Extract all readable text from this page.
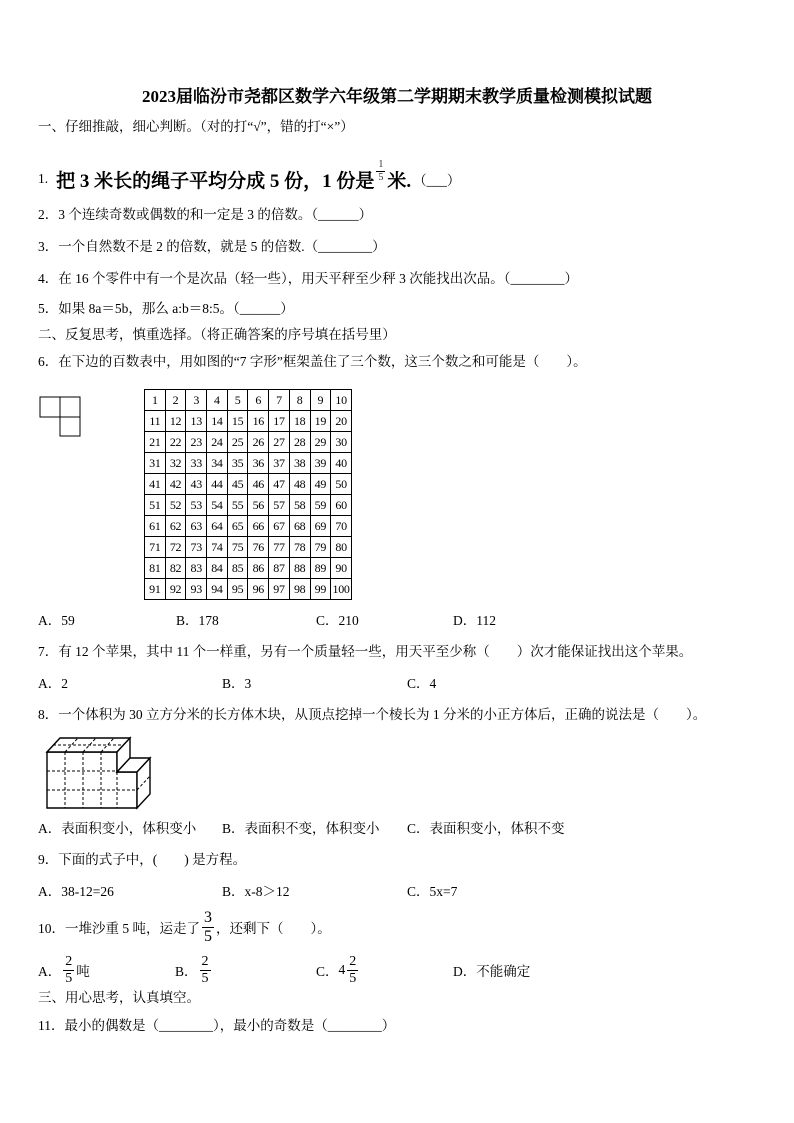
2023届临汾市尧都区数学六年级第二学期期末教学质量检测模拟试题
一、仔细推敲，细心判断。（对的打“√”，错的打“×”）
1. 把 3 米长的绳子平均分成 5 份，1 份是 $\frac{1}{5}$ 米. （___）
2．3 个连续奇数或偶数的和一定是 3 的倍数。（______）
3．一个自然数不是 2 的倍数，就是 5 的倍数.（________）
4．在 16 个零件中有一个是次品（轻一些），用天平秤至少秤 3 次能找出次品。（________）
5．如果 8a＝5b，那么 a:b＝8:5。（______）
二、反复思考，慎重选择。（将正确答案的序号填在括号里）
6．在下边的百数表中，用如图的“7 字形”框架盖住了三个数，这三个数之和可能是（　　）。
1	2	3	4	5	6	7	8	9	10
11	12	13	14	15	16	17	18	19	20
21	22	23	24	25	26	27	28	29	30
31	32	33	34	35	36	37	38	39	40
41	42	43	44	45	46	47	48	49	50
51	52	53	54	55	56	57	58	59	60
61	62	63	64	65	66	67	68	69	70
71	72	73	74	75	76	77	78	79	80
81	82	83	84	85	86	87	88	89	90
91	92	93	94	95	96	97	98	99	100
A．59	B．178	C．210	D．112
7．有 12 个苹果，其中 11 个一样重，另有一个质量轻一些，用天平至少称（　　）次才能保证找出这个苹果。
A．2	B．3	C．4
8．一个体积为 30 立方分米的长方体木块，从顶点挖掉一个棱长为 1 分米的小正方体后，正确的说法是（　　）。
A．表面积变小，体积变小 B．表面积不变，体积变小 C．表面积变小，体积不变
9．下面的式子中，(　　) 是方程。
A．38-12=26	B．x-8＞12	C．5x=7
10．一堆沙重 5 吨，运走了 $\frac{3}{5}$ ，还剩下（　　）。
A． $\frac{2}{5}$ 吨	B． $\frac{2}{5}$	C． $4 \frac{2}{5}$	D．不能确定
三、用心思考，认真填空。
11．最小的偶数是（________），最小的奇数是（________）
